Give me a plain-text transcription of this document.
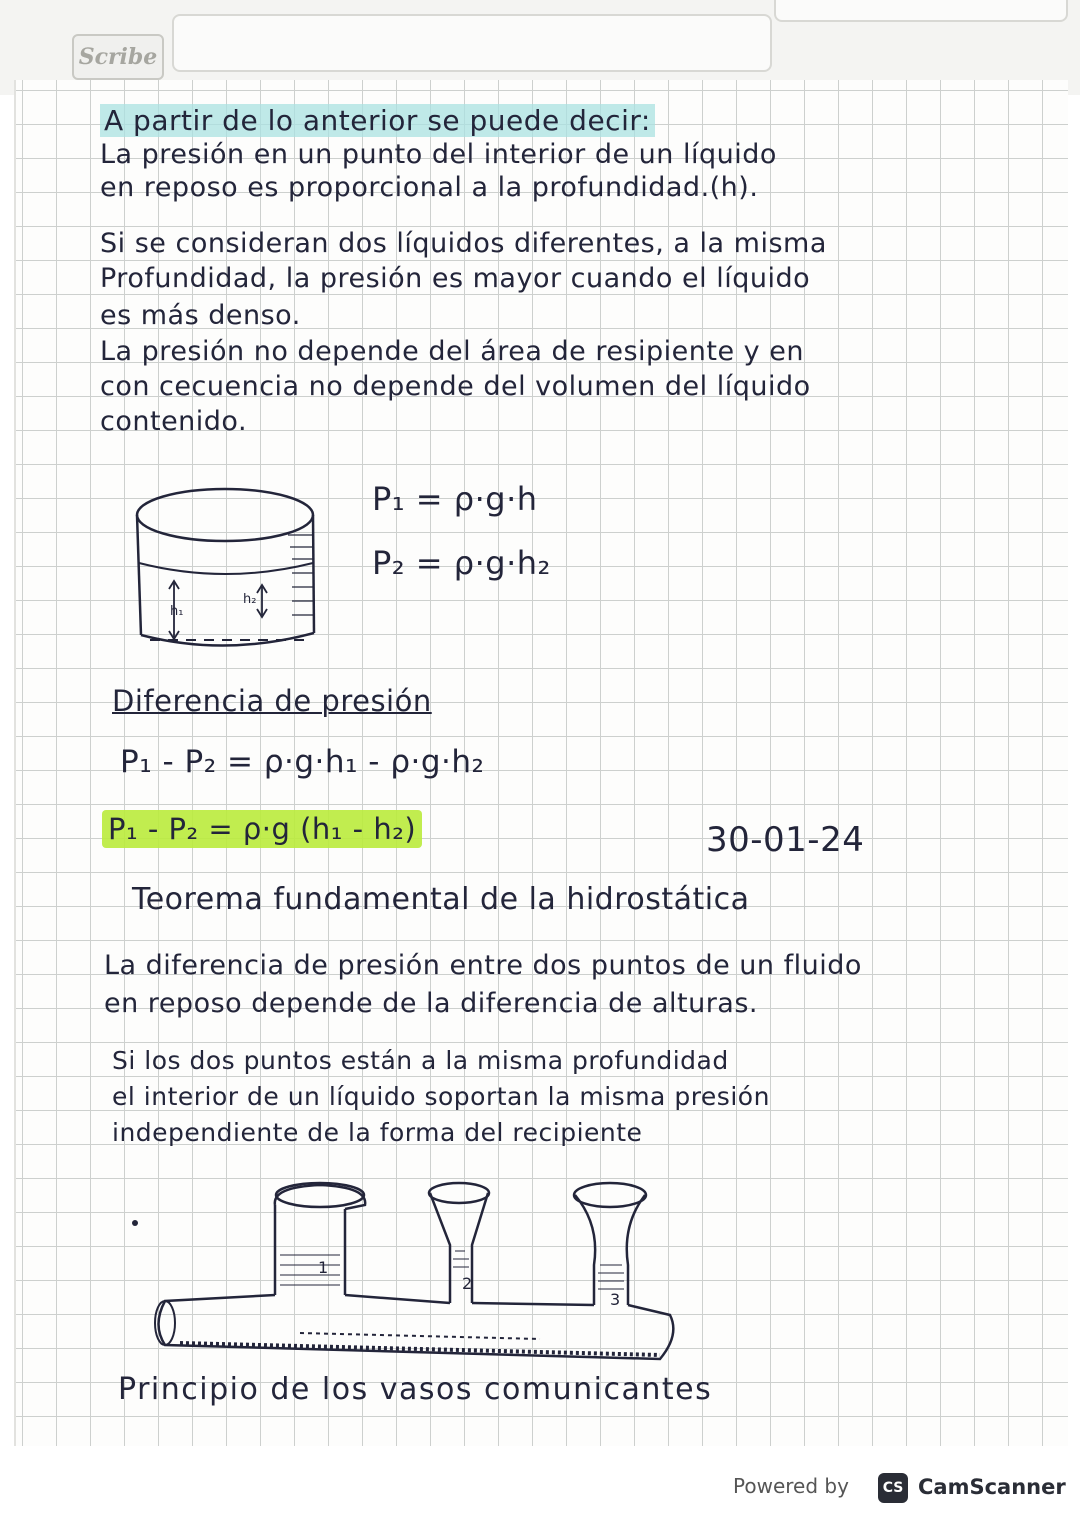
Scribe
A partir de lo anterior se puede decir:
La presión en un punto del interior de un líquido
en reposo es proporcional a la profundidad.(h).
Si se consideran dos líquidos diferentes, a la misma
Profundidad, la presión es mayor cuando el líquido
es más denso.
La presión no depende del área de resipiente y en
con cecuencia no depende del volumen del líquido
contenido.
h₁
h₂
P₁ = ρ·g·h
P₂ = ρ·g·h₂
Diferencia de presión
P₁ - P₂ = ρ·g·h₁ - ρ·g·h₂
P₁ - P₂ = ρ·g (h₁ - h₂)	30-01-24
Teorema fundamental de la hidrostática
La diferencia de presión entre dos puntos de un fluido
en reposo depende de la diferencia de alturas.
Si los dos puntos están a la misma profundidad
el interior de un líquido soportan la misma presión
independiente de la forma del recipiente
1
2
3
Principio de los vasos comunicantes
Powered by	CS CamScanner
